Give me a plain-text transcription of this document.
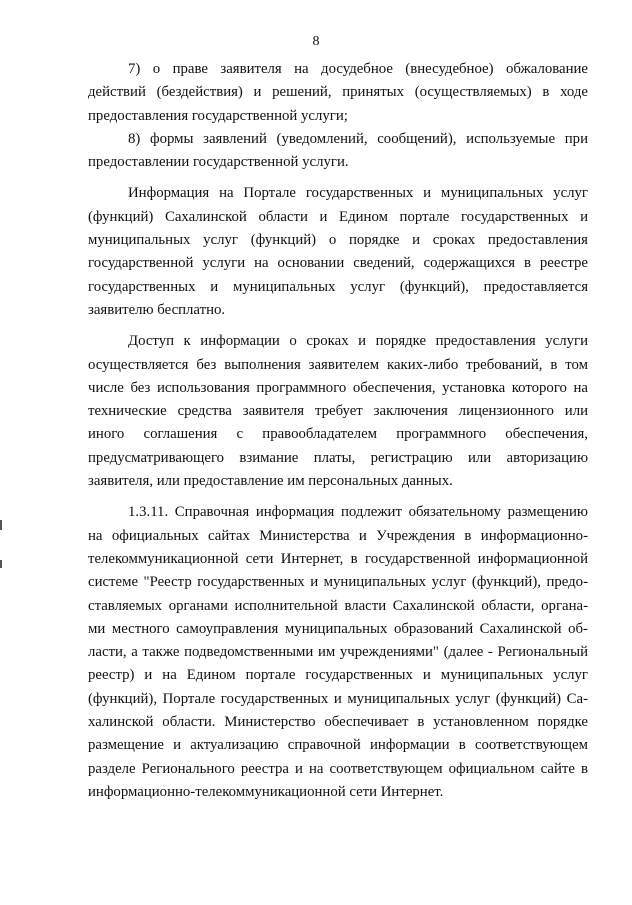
8
7) о праве заявителя на досудебное (внесудебное) обжалование
действий (бездействия) и решений, принятых (осуществляемых) в ходе
предоставления государственной услуги;
8) формы заявлений (уведомлений, сообщений), используемые при
предоставлении государственной услуги.
Информация на Портале государственных и муниципальных услуг
(функций) Сахалинской области и Едином портале государственных и
муниципальных услуг (функций) о порядке и сроках предоставления
государственной услуги на основании сведений, содержащихся в реестре
государственных и муниципальных услуг (функций), предоставляется
заявителю бесплатно.
Доступ к информации о сроках и порядке предоставления услуги
осуществляется без выполнения заявителем каких-либо требований, в том
числе без использования программного обеспечения, установка которого на
технические средства заявителя требует заключения лицензионного или
иного соглашения с правообладателем программного обеспечения,
предусматривающего взимание платы, регистрацию или авторизацию
заявителя, или предоставление им персональных данных.
1.3.11. Справочная информация подлежит обязательному размещению
на официальных сайтах Министерства и Учреждения в информационно-
телекоммуникационной сети Интернет, в государственной информационной
системе "Реестр государственных и муниципальных услуг (функций), предо-
ставляемых органами исполнительной власти Сахалинской области, органа-
ми местного самоуправления муниципальных образований Сахалинской об-
ласти, а также подведомственными им учреждениями" (далее - Региональный
реестр) и на Едином портале государственных и муниципальных услуг
(функций), Портале государственных и муниципальных услуг (функций) Са-
халинской области. Министерство обеспечивает в установленном порядке
размещение и актуализацию справочной информации в соответствующем
разделе Регионального реестра и на соответствующем официальном сайте в
информационно-телекоммуникационной сети Интернет.
